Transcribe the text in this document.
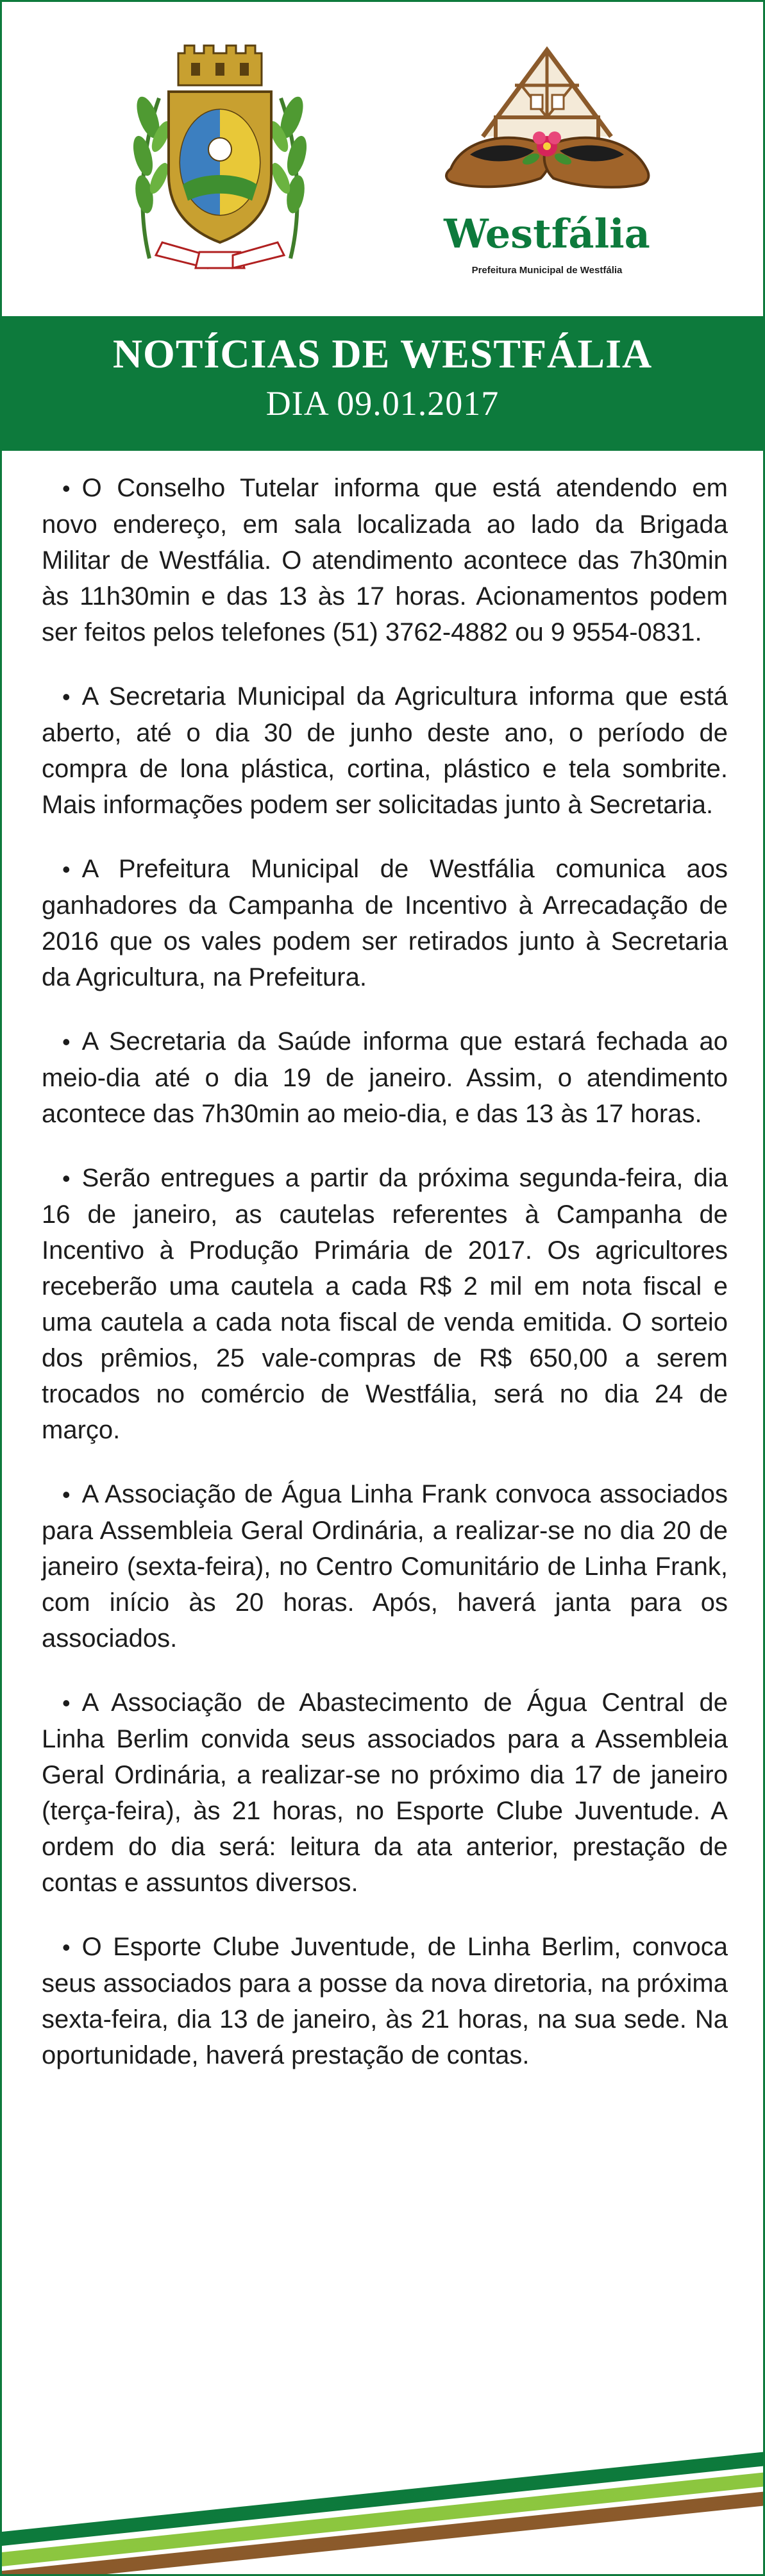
Westfália
Prefeitura Municipal de Westfália
NOTÍCIAS DE WESTFÁLIA
DIA 09.01.2017

• O Conselho Tutelar informa que está atendendo em novo endereço, em sala localizada ao lado da Brigada Militar de Westfália. O atendimento acontece das 7h30min às 11h30min e das 13 às 17 horas. Acionamentos podem ser feitos pelos telefones (51) 3762-4882 ou 9 9554-0831.

• A Secretaria Municipal da Agricultura informa que está aberto, até o dia 30 de junho deste ano, o período de compra de lona plástica, cortina, plástico e tela sombrite. Mais informações podem ser solicitadas junto à Secretaria.

• A Prefeitura Municipal de Westfália comunica aos ganhadores da Campanha de Incentivo à Arrecadação de 2016 que os vales podem ser retirados junto à Secretaria da Agricultura, na Prefeitura.

• A Secretaria da Saúde informa que estará fechada ao meio-dia até o dia 19 de janeiro. Assim, o atendimento acontece das 7h30min ao meio-dia, e das 13 às 17 horas.

• Serão entregues a partir da próxima segunda-feira, dia 16 de janeiro, as cautelas referentes à Campanha de Incentivo à Produção Primária de 2017. Os agricultores receberão uma cautela a cada R$ 2 mil em nota fiscal e uma cautela a cada nota fiscal de venda emitida. O sorteio dos prêmios, 25 vale-compras de R$ 650,00 a serem trocados no comércio de Westfália, será no dia 24 de março.

• A Associação de Água Linha Frank convoca associados para Assembleia Geral Ordinária, a realizar-se no dia 20 de janeiro (sexta-feira), no Centro Comunitário de Linha Frank, com início às 20 horas. Após, haverá janta para os associados.

• A Associação de Abastecimento de Água Central de Linha Berlim convida seus associados para a Assembleia Geral Ordinária, a realizar-se no próximo dia 17 de janeiro (terça-feira), às 21 horas, no Esporte Clube Juventude. A ordem do dia será: leitura da ata anterior, prestação de contas e assuntos diversos.

• O Esporte Clube Juventude, de Linha Berlim, convoca seus associados para a posse da nova diretoria, na próxima sexta-feira, dia 13 de janeiro, às 21 horas, na sua sede. Na oportunidade, haverá prestação de contas.
